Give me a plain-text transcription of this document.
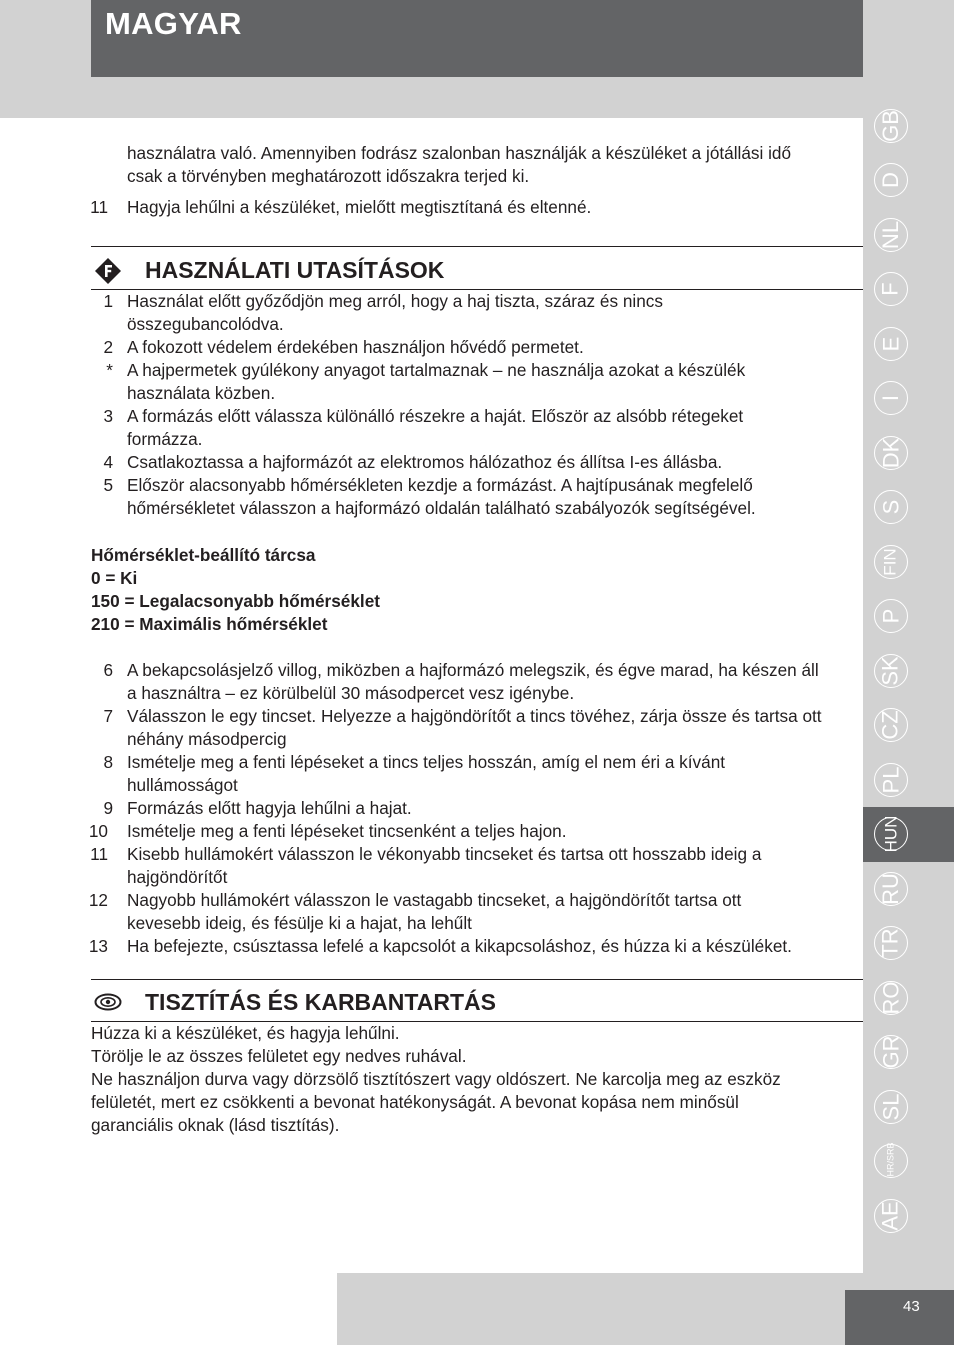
MAGYAR
GB
D
NL
F
E
I
DK
S
FIN
P
SK
CZ
PL
HUN
RU
TR
RO
GR
SL
HR/SRB
AE
használatra való. Amennyiben fodrász szalonban használják a készüléket a jótállási idő
csak a törvényben meghatározott időszakra terjed ki.
11 Hagyja lehűlni a készüléket, mielőtt megtisztítaná és eltenné.
HASZNÁLATI UTASÍTÁSOK
1 Használat előtt győződjön meg arról, hogy a haj tiszta, száraz és nincs
összegubancolódva.
2 A fokozott védelem érdekében használjon hővédő permetet.
* A hajpermetek gyúlékony anyagot tartalmaznak – ne használja azokat a készülék
használata közben.
3 A formázás előtt válassza különálló részekre a haját. Először az alsóbb rétegeket
formázza.
4 Csatlakoztassa a hajformázót az elektromos hálózathoz és állítsa I-es állásba.
5 Először alacsonyabb hőmérsékleten kezdje a formázást. A hajtípusának megfelelő
hőmérsékletet válasszon a hajformázó oldalán található szabályozók segítségével.
Hőmérséklet-beállító tárcsa
0 = Ki
150 = Legalacsonyabb hőmérséklet
210 = Maximális hőmérséklet
6 A bekapcsolásjelző villog, miközben a hajformázó melegszik, és égve marad, ha készen áll
a használtra – ez körülbelül 30 másodpercet vesz igénybe.
7 Válasszon le egy tincset. Helyezze a hajgöndörítőt a tincs tövéhez, zárja össze és tartsa ott
néhány másodpercig
8 Ismételje meg a fenti lépéseket a tincs teljes hosszán, amíg el nem éri a kívánt
hullámosságot
9 Formázás előtt hagyja lehűlni a hajat.
10 Ismételje meg a fenti lépéseket tincsenként a teljes hajon.
11 Kisebb hullámokért válasszon le vékonyabb tincseket és tartsa ott hosszabb ideig a
hajgöndörítőt
12 Nagyobb hullámokért válasszon le vastagabb tincseket, a hajgöndörítőt tartsa ott
kevesebb ideig, és fésülje ki a hajat, ha lehűlt
13 Ha befejezte, csúsztassa lefelé a kapcsolót a kikapcsoláshoz, és húzza ki a készüléket.
TISZTÍTÁS ÉS KARBANTARTÁS
Húzza ki a készüléket, és hagyja lehűlni.
Törölje le az összes felületet egy nedves ruhával.
Ne használjon durva vagy dörzsölő tisztítószert vagy oldószert. Ne karcolja meg az eszköz
felületét, mert ez csökkenti a bevonat hatékonyságát. A bevonat kopása nem minősül
garanciális oknak (lásd tisztítás).
43
